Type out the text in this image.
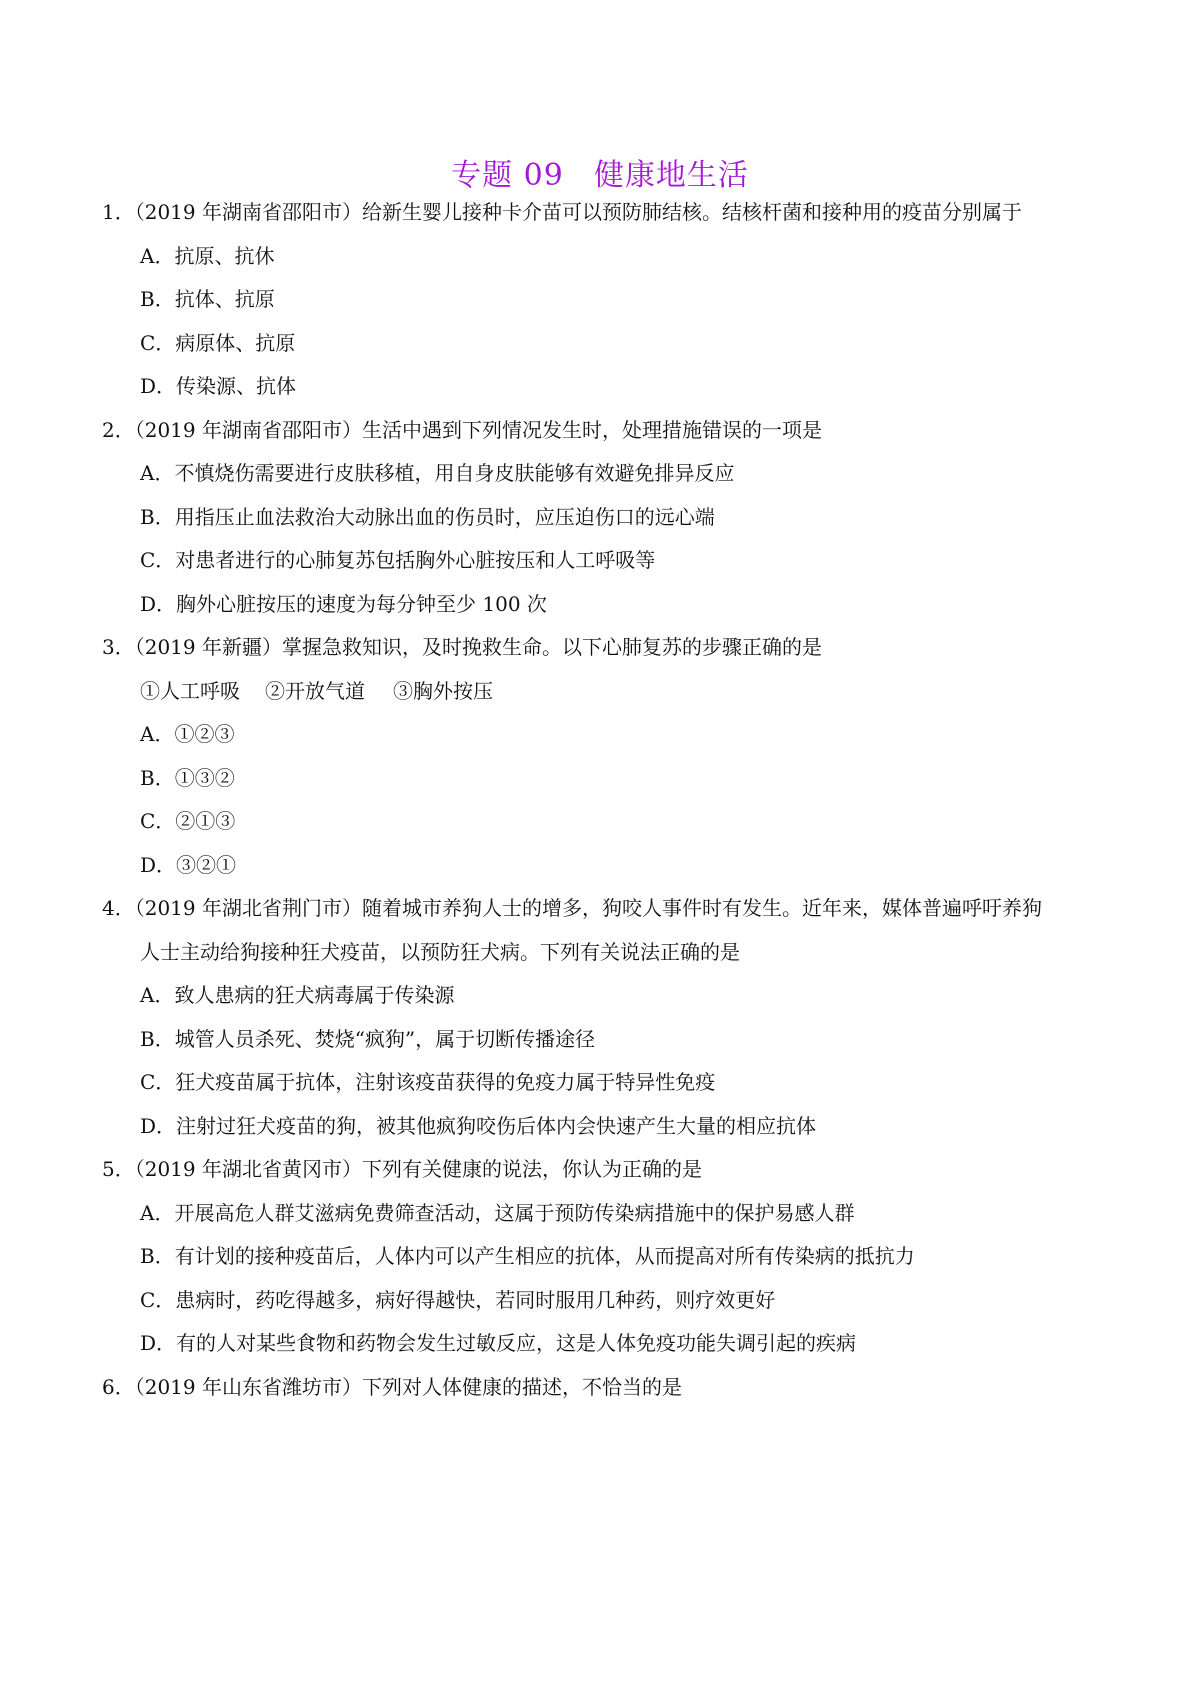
专题 09 健康地生活
1．（2019 年湖南省邵阳市）给新生婴儿接种卡介苗可以预防肺结核。结核杆菌和接种用的疫苗分别属于
A．抗原、抗休
B．抗体、抗原
C．病原体、抗原
D．传染源、抗体
2．（2019 年湖南省邵阳市）生活中遇到下列情况发生时，处理措施错误的一项是
A．不慎烧伤需要进行皮肤移植，用自身皮肤能够有效避免排异反应
B．用指压止血法救治大动脉出血的伤员时，应压迫伤口的远心端
C．对患者进行的心肺复苏包括胸外心脏按压和人工呼吸等
D．胸外心脏按压的速度为每分钟至少 100 次
3．（2019 年新疆）掌握急救知识，及时挽救生命。以下心肺复苏的步骤正确的是
①人工呼吸 ②开放气道 ③胸外按压
A．①②③
B．①③②
C．②①③
D．③②①
4．（2019 年湖北省荆门市）随着城市养狗人士的增多，狗咬人事件时有发生。近年来，媒体普遍呼吁养狗
人士主动给狗接种狂犬疫苗，以预防狂犬病。下列有关说法正确的是
A．致人患病的狂犬病毒属于传染源
B．城管人员杀死、焚烧“疯狗”，属于切断传播途径
C．狂犬疫苗属于抗体，注射该疫苗获得的免疫力属于特异性免疫
D．注射过狂犬疫苗的狗，被其他疯狗咬伤后体内会快速产生大量的相应抗体
5．（2019 年湖北省黄冈市）下列有关健康的说法，你认为正确的是
A．开展高危人群艾滋病免费筛查活动，这属于预防传染病措施中的保护易感人群
B．有计划的接种疫苗后，人体内可以产生相应的抗体，从而提高对所有传染病的抵抗力
C．患病时，药吃得越多，病好得越快，若同时服用几种药，则疗效更好
D．有的人对某些食物和药物会发生过敏反应，这是人体免疫功能失调引起的疾病
6．（2019 年山东省潍坊市）下列对人体健康的描述，不恰当的是
